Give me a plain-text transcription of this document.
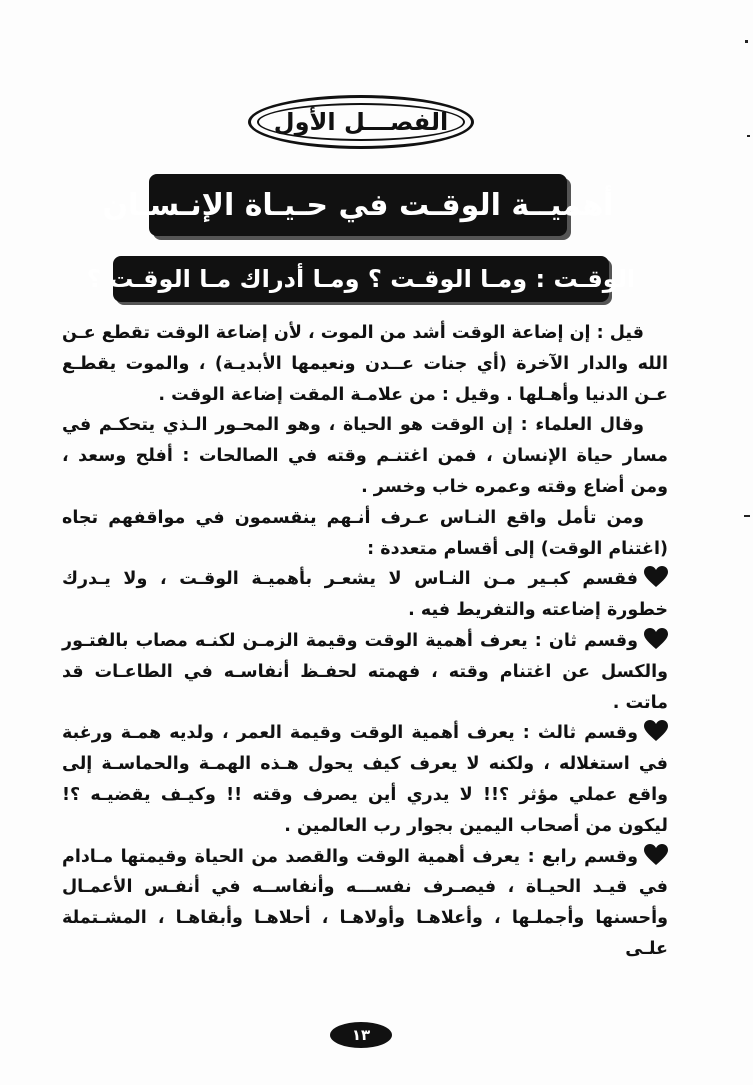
الفصـــل الأول
أهميــة الوقـت في حـيـاة الإنـسـان
الوقـت : ومـا الوقـت ؟ ومـا أدراك مـا الوقـت ؟

قيل : إن إضاعة الوقت أشد من الموت ، لأن إضاعة الوقت تقطع عـن الله والدار الآخرة (أي جنات عــدن ونعيمها الأبديـة) ، والموت يقطـع عـن الدنيا وأهـلها . وقيل : من علامـة المقت إضاعة الوقت .

وقال العلماء : إن الوقت هو الحياة ، وهو المحـور الـذي يتحكـم في مسار حياة الإنسان ، فمن اغتنـم وقته في الصالحات : أفلح وسعد ، ومن أضاع وقته وعمره خاب وخسر .

ومن تأمل واقع النـاس عـرف أنـهم ينقسمون في مواقفهم تجاه (اغتنام الوقت) إلى أقسام متعددة :

فقسم كبـير مـن النـاس لا يشعـر بأهميـة الوقـت ، ولا يـدرك خطورة إضاعته والتفريط فيه .

وقسم ثان : يعرف أهمية الوقت وقيمة الزمـن لكنـه مصاب بالفتـور والكسل عن اغتنام وقته ، فهمته لحفـظ أنفاسـه في الطاعـات قد ماتت .

وقسم ثالث : يعرف أهمية الوقت وقيمة العمر ، ولديه همـة ورغبة في استغلاله ، ولكنه لا يعرف كيف يحول هـذه الهمـة والحماسـة إلى واقع عملي مؤثر ؟!! لا يدري أين يصرف وقته !! وكيـف يقضيـه ؟! ليكون من أصحاب اليمين بجوار رب العالمين .

وقسم رابع : يعرف أهمية الوقت والقصد من الحياة وقيمتها مـادام في قيـد الحيـاة ، فيصـرف نفســـه وأنفاســه في أنفـس الأعمـال وأحسنها وأجملـها ، وأعلاهـا وأولاهـا ، أحلاهـا وأبقاهـا ، المشـتملة علـى

١٣
